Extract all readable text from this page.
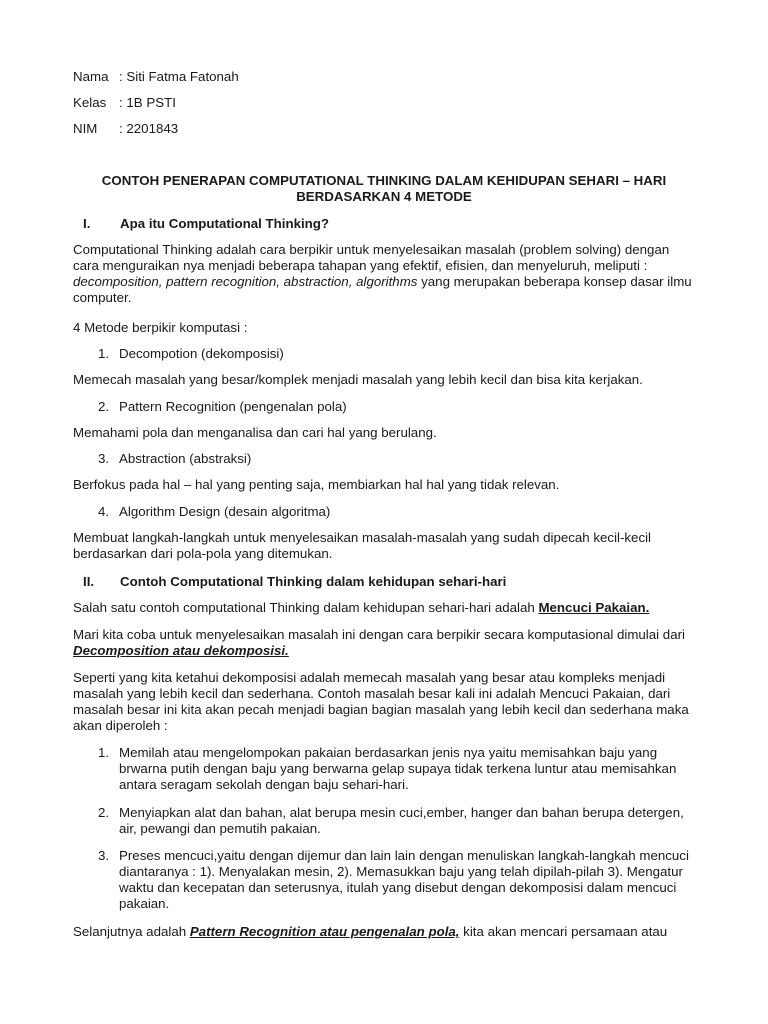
Nama : Siti Fatma Fatonah

Kelas : 1B PSTI

NIM : 2201843

CONTOH PENERAPAN COMPUTATIONAL THINKING DALAM KEHIDUPAN SEHARI – HARI
BERDASARKAN 4 METODE

I. Apa itu Computational Thinking?

Computational Thinking adalah cara berpikir untuk menyelesaikan masalah (problem solving) dengan cara menguraikan nya menjadi beberapa tahapan yang efektif, efisien, dan menyeluruh, meliputi : decomposition, pattern recognition, abstraction, algorithms yang merupakan beberapa konsep dasar ilmu computer.

4 Metode berpikir komputasi :

1. Decompotion (dekomposisi)

Memecah masalah yang besar/komplek menjadi masalah yang lebih kecil dan bisa kita kerjakan.

2. Pattern Recognition (pengenalan pola)

Memahami pola dan menganalisa dan cari hal yang berulang.

3. Abstraction (abstraksi)

Berfokus pada hal – hal yang penting saja, membiarkan hal hal yang tidak relevan.

4. Algorithm Design (desain algoritma)

Membuat langkah-langkah untuk menyelesaikan masalah-masalah yang sudah dipecah kecil-kecil berdasarkan dari pola-pola yang ditemukan.

II. Contoh Computational Thinking dalam kehidupan sehari-hari

Salah satu contoh computational Thinking dalam kehidupan sehari-hari adalah Mencuci Pakaian.

Mari kita coba untuk menyelesaikan masalah ini dengan cara berpikir secara komputasional dimulai dari Decomposition atau dekomposisi.

Seperti yang kita ketahui dekomposisi adalah memecah masalah yang besar atau kompleks menjadi masalah yang lebih kecil dan sederhana. Contoh masalah besar kali ini adalah Mencuci Pakaian, dari masalah besar ini kita akan pecah menjadi bagian bagian masalah yang lebih kecil dan sederhana maka akan diperoleh :

1. Memilah atau mengelompokan pakaian berdasarkan jenis nya yaitu memisahkan baju yang brwarna putih dengan baju yang berwarna gelap supaya tidak terkena luntur atau memisahkan antara seragam sekolah dengan baju sehari-hari.
2. Menyiapkan alat dan bahan, alat berupa mesin cuci,ember, hanger dan bahan berupa detergen, air, pewangi dan pemutih pakaian.
3. Preses mencuci,yaitu dengan dijemur dan lain lain dengan menuliskan langkah-langkah mencuci diantaranya : 1). Menyalakan mesin, 2). Memasukkan baju yang telah dipilah-pilah 3). Mengatur waktu dan kecepatan dan seterusnya, itulah yang disebut dengan dekomposisi dalam mencuci pakaian.

Selanjutnya adalah Pattern Recognition atau pengenalan pola, kita akan mencari persamaan atau
